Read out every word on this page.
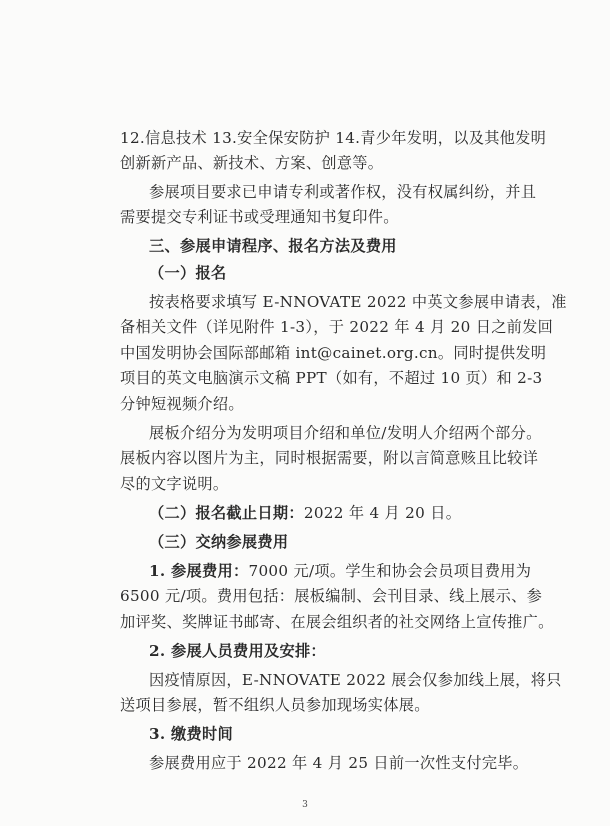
12.信息技术 13.安全保安防护 14.青少年发明，以及其他发明
创新新产品、新技术、方案、创意等。
参展项目要求已申请专利或著作权，没有权属纠纷，并且
需要提交专利证书或受理通知书复印件。
三、参展申请程序、报名方法及费用
（一）报名
按表格要求填写 E-NNOVATE 2022 中英文参展申请表，准
备相关文件（详见附件 1-3），于 2022 年 4 月 20 日之前发回
中国发明协会国际部邮箱 int@cainet.org.cn。同时提供发明
项目的英文电脑演示文稿 PPT（如有，不超过 10 页）和 2-3
分钟短视频介绍。
展板介绍分为发明项目介绍和单位/发明人介绍两个部分。
展板内容以图片为主，同时根据需要，附以言简意赅且比较详
尽的文字说明。
（二）报名截止日期：2022 年 4 月 20 日。
（三）交纳参展费用
1. 参展费用：7000 元/项。学生和协会会员项目费用为
6500 元/项。费用包括：展板编制、会刊目录、线上展示、参
加评奖、奖牌证书邮寄、在展会组织者的社交网络上宣传推广。
2. 参展人员费用及安排：
因疫情原因，E-NNOVATE 2022 展会仅参加线上展，将只
送项目参展，暂不组织人员参加现场实体展。
3. 缴费时间
参展费用应于 2022 年 4 月 25 日前一次性支付完毕。
3
